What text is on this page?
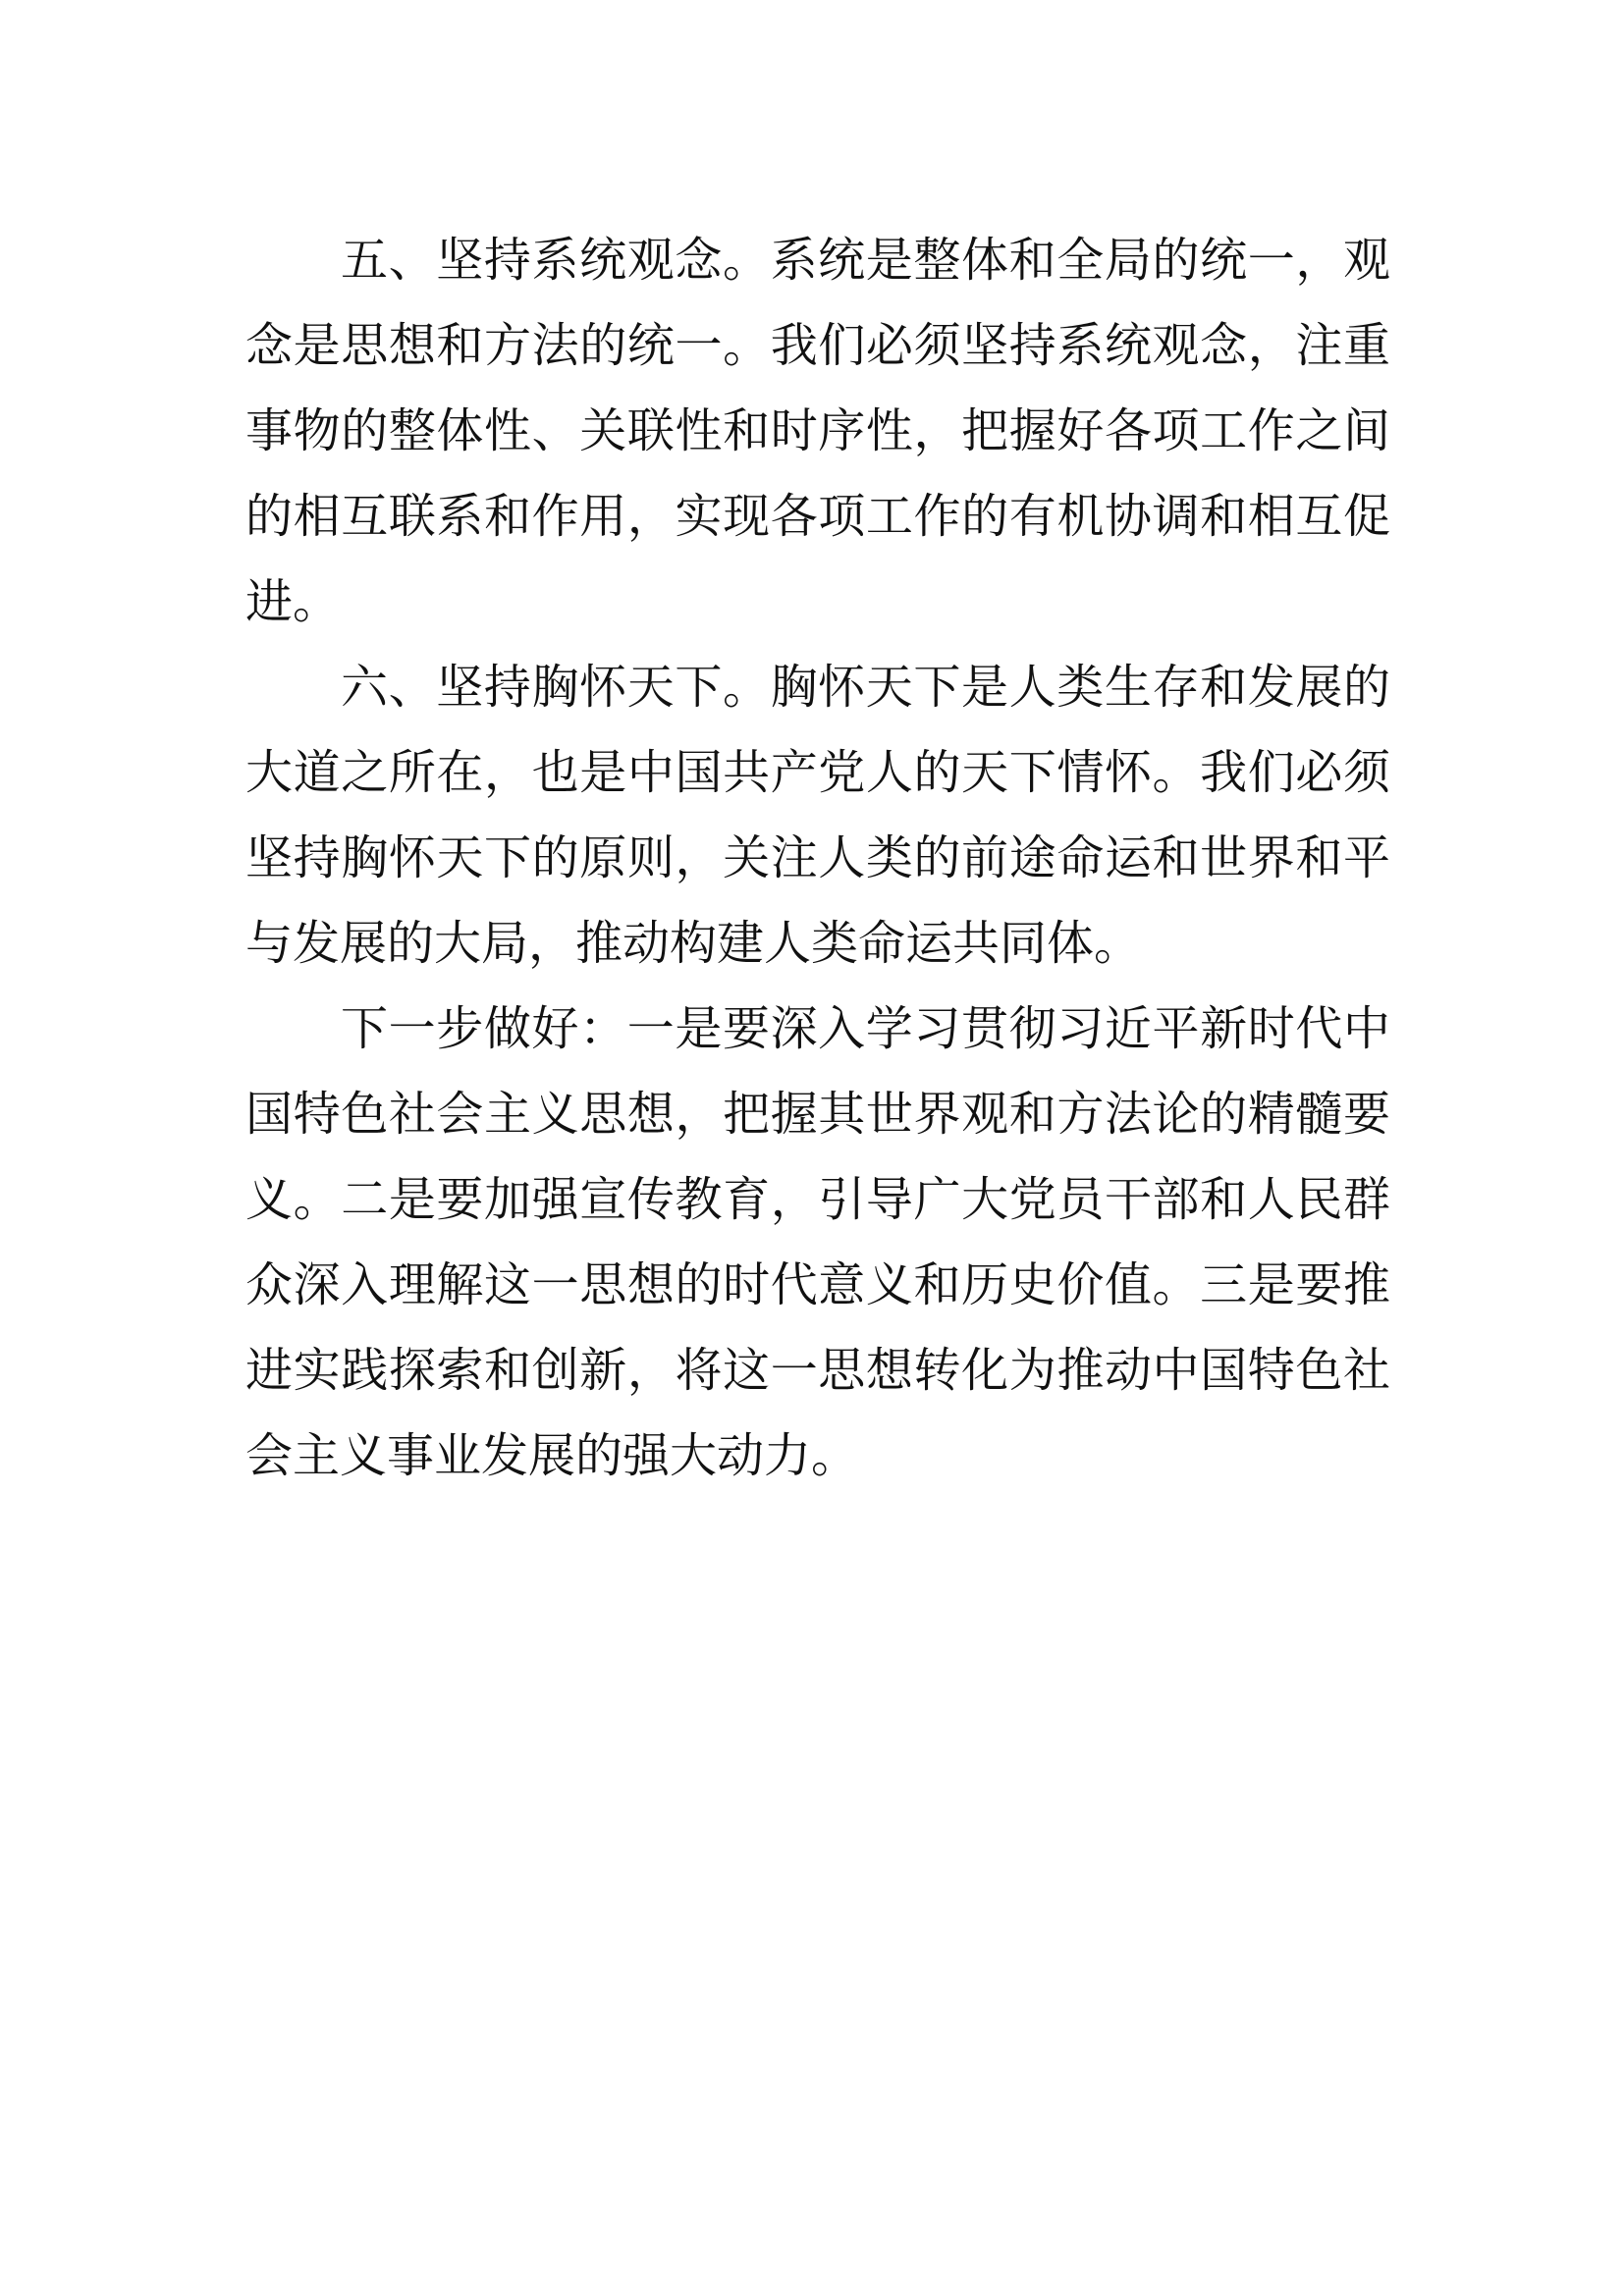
五、坚持系统观念。系统是整体和全局的统一，观念是思想和方法的统一。我们必须坚持系统观念，注重事物的整体性、关联性和时序性，把握好各项工作之间的相互联系和作用，实现各项工作的有机协调和相互促进。

六、坚持胸怀天下。胸怀天下是人类生存和发展的大道之所在，也是中国共产党人的天下情怀。我们必须坚持胸怀天下的原则，关注人类的前途命运和世界和平与发展的大局，推动构建人类命运共同体。

下一步做好：一是要深入学习贯彻习近平新时代中国特色社会主义思想，把握其世界观和方法论的精髓要义。二是要加强宣传教育，引导广大党员干部和人民群众深入理解这一思想的时代意义和历史价值。三是要推进实践探索和创新，将这一思想转化为推动中国特色社会主义事业发展的强大动力。
